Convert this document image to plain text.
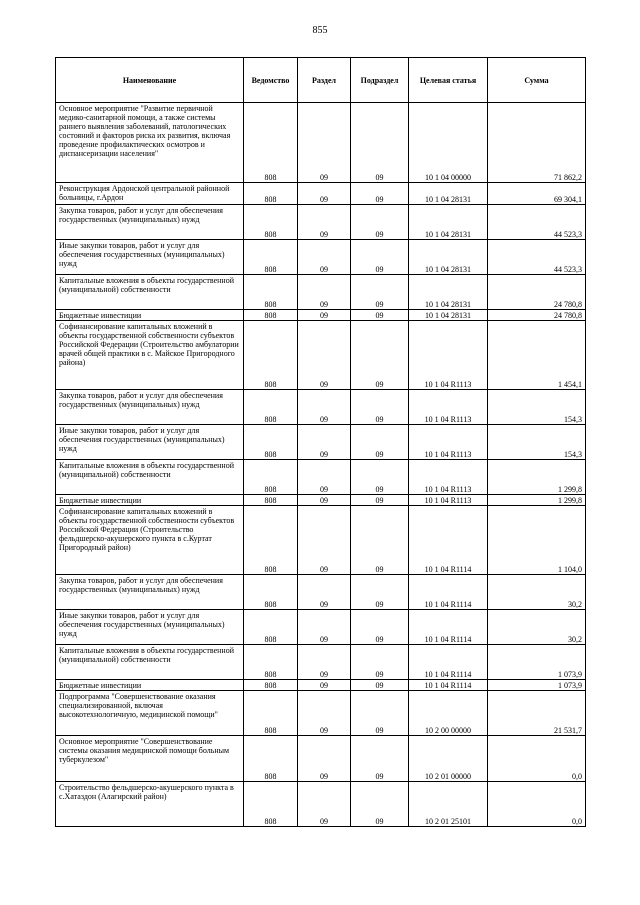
855
Наименование	Ведомство	Раздел	Подраздел	Целевая статья	Сумма
Основное мероприятие "Развитие первичной медико-санитарной помощи, а также системы раннего выявления заболеваний, патологических состояний и факторов риска их развития, включая проведение профилактических осмотров и диспансеризации населения"	808	09	09	10 1 04 00000	71 862,2
Реконструкция Ардонской центральной районной больницы, г.Ардон	808	09	09	10 1 04 28131	69 304,1
Закупка товаров, работ и услуг для обеспечения государственных (муниципальных) нужд	808	09	09	10 1 04 28131	44 523,3
Иные закупки товаров, работ и услуг для обеспечения государственных (муниципальных) нужд	808	09	09	10 1 04 28131	44 523,3
Капитальные вложения в объекты государственной (муниципальной) собственности	808	09	09	10 1 04 28131	24 780,8
Бюджетные инвестиции	808	09	09	10 1 04 28131	24 780,8
Софинансирование капитальных вложений в объекты государственной собственности субъектов Российской Федерации (Строительство амбулатории врачей общей практики в с. Майское Пригородного района)	808	09	09	10 1 04 R1113	1 454,1
Закупка товаров, работ и услуг для обеспечения государственных (муниципальных) нужд	808	09	09	10 1 04 R1113	154,3
Иные закупки товаров, работ и услуг для обеспечения государственных (муниципальных) нужд	808	09	09	10 1 04 R1113	154,3
Капитальные вложения в объекты государственной (муниципальной) собственности	808	09	09	10 1 04 R1113	1 299,8
Бюджетные инвестиции	808	09	09	10 1 04 R1113	1 299,8
Софинансирование капитальных вложений в объекты государственной собственности субъектов Российской Федерации (Строительство фельдшерско-акушерского пункта в с.Куртат Пригородный район)	808	09	09	10 1 04 R1114	1 104,0
Закупка товаров, работ и услуг для обеспечения государственных (муниципальных) нужд	808	09	09	10 1 04 R1114	30,2
Иные закупки товаров, работ и услуг для обеспечения государственных (муниципальных) нужд	808	09	09	10 1 04 R1114	30,2
Капитальные вложения в объекты государственной (муниципальной) собственности	808	09	09	10 1 04 R1114	1 073,9
Бюджетные инвестиции	808	09	09	10 1 04 R1114	1 073,9
Подпрограмма "Совершенствование оказания специализированной, включая высокотехнологичную, медицинской помощи"	808	09	09	10 2 00 00000	21 531,7
Основное мероприятие "Совершенствование системы оказания медицинской помощи больным туберкулезом"	808	09	09	10 2 01 00000	0,0
Строительство фельдшерско-акушерского пункта в с.Хатаздон (Алагирский район)	808	09	09	10 2 01 25101	0,0
